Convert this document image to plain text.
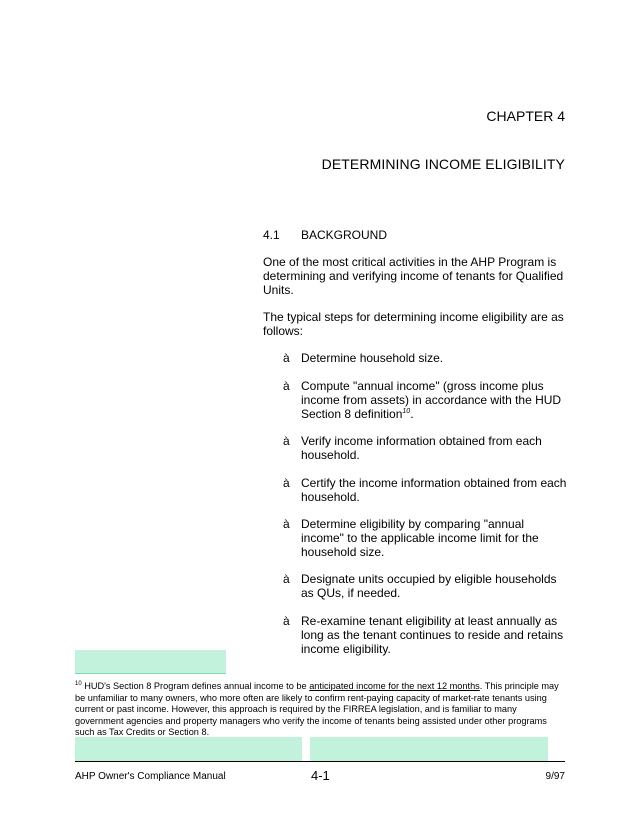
CHAPTER 4
DETERMINING INCOME ELIGIBILITY
4.1 BACKGROUND
One of the most critical activities in the AHP Program is determining and verifying income of tenants for Qualified Units.
The typical steps for determining income eligibility are as follows:
à Determine household size.
à Compute "annual income" (gross income plus income from assets) in accordance with the HUD Section 8 definition$^{10}$.
à Verify income information obtained from each household.
à Certify the income information obtained from each household.
à Determine eligibility by comparing "annual income" to the applicable income limit for the household size.
à Designate units occupied by eligible households as QUs, if needed.
à Re-examine tenant eligibility at least annually as long as the tenant continues to reside and retains income eligibility.
$^{10}$ HUD's Section 8 Program defines annual income to be anticipated income for the next 12 months. This principle may be unfamiliar to many owners, who more often are likely to confirm rent-paying capacity of market-rate tenants using current or past income. However, this approach is required by the FIRREA legislation, and is familiar to many government agencies and property managers who verify the income of tenants being assisted under other programs such as Tax Credits or Section 8.
AHP Owner's Compliance Manual	4-1	9/97
